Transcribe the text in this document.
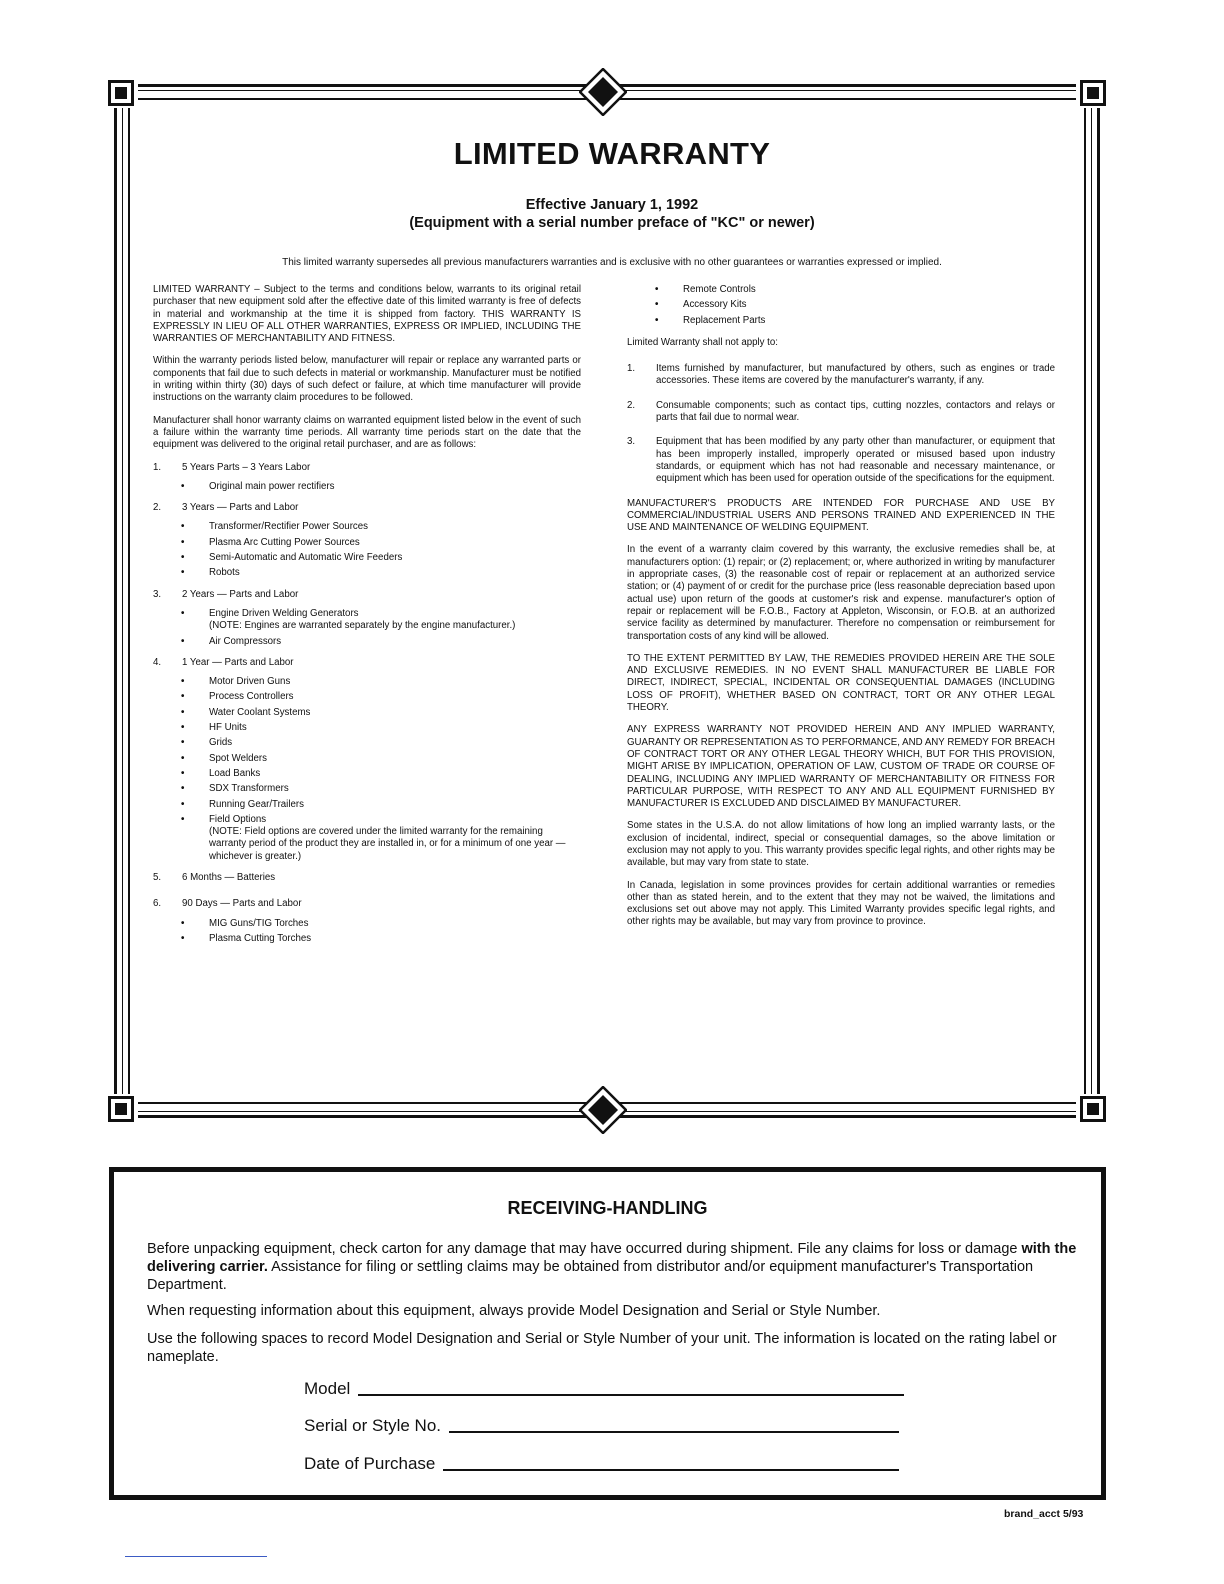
LIMITED WARRANTY

Effective January 1, 1992

(Equipment with a serial number preface of "KC" or newer)

This limited warranty supersedes all previous manufacturers warranties and is exclusive with no other guarantees or warranties expressed or implied.

LIMITED WARRANTY – Subject to the terms and conditions below, warrants to its original retail purchaser that new equipment sold after the effective date of this limited warranty is free of defects in material and workmanship at the time it is shipped from factory. THIS WARRANTY IS EXPRESSLY IN LIEU OF ALL OTHER WARRANTIES, EXPRESS OR IMPLIED, INCLUDING THE WARRANTIES OF MERCHANTABILITY AND FITNESS.

Within the warranty periods listed below, manufacturer will repair or replace any warranted parts or components that fail due to such defects in material or workmanship. Manufacturer must be notified in writing within thirty (30) days of such defect or failure, at which time manufacturer will provide instructions on the warranty claim procedures to be followed.

Manufacturer shall honor warranty claims on warranted equipment listed below in the event of such a failure within the warranty time periods. All warranty time periods start on the date that the equipment was delivered to the original retail purchaser, and are as follows:

1.	5 Years Parts – 3 Years Labor
•	Original main power rectifiers
2.	3 Years — Parts and Labor
•	Transformer/Rectifier Power Sources
•	Plasma Arc Cutting Power Sources
•	Semi-Automatic and Automatic Wire Feeders
•	Robots
3.	2 Years — Parts and Labor
•	Engine Driven Welding Generators
(NOTE: Engines are warranted separately by the engine manufacturer.)
•	Air Compressors
4.	1 Year — Parts and Labor
•	Motor Driven Guns
•	Process Controllers
•	Water Coolant Systems
•	HF Units
•	Grids
•	Spot Welders
•	Load Banks
•	SDX Transformers
•	Running Gear/Trailers
•	Field Options
(NOTE: Field options are covered under the limited warranty for the remaining warranty period of the product they are installed in, or for a minimum of one year — whichever is greater.)
5.	6 Months — Batteries
6.	90 Days — Parts and Labor
•	MIG Guns/TIG Torches
•	Plasma Cutting Torches
•	Remote Controls
•	Accessory Kits
•	Replacement Parts

Limited Warranty shall not apply to:

1.	Items furnished by manufacturer, but manufactured by others, such as engines or trade accessories. These items are covered by the manufacturer's warranty, if any.
2.	Consumable components; such as contact tips, cutting nozzles, contactors and relays or parts that fail due to normal wear.
3.	Equipment that has been modified by any party other than manufacturer, or equipment that has been improperly installed, improperly operated or misused based upon industry standards, or equipment which has not had reasonable and necessary maintenance, or equipment which has been used for operation outside of the specifications for the equipment.

MANUFACTURER'S PRODUCTS ARE INTENDED FOR PURCHASE AND USE BY COMMERCIAL/INDUSTRIAL USERS AND PERSONS TRAINED AND EXPERIENCED IN THE USE AND MAINTENANCE OF WELDING EQUIPMENT.

In the event of a warranty claim covered by this warranty, the exclusive remedies shall be, at manufacturers option: (1) repair; or (2) replacement; or, where authorized in writing by manufacturer in appropriate cases, (3) the reasonable cost of repair or replacement at an authorized service station; or (4) payment of or credit for the purchase price (less reasonable depreciation based upon actual use) upon return of the goods at customer's risk and expense. manufacturer's option of repair or replacement will be F.O.B., Factory at Appleton, Wisconsin, or F.O.B. at an authorized service facility as determined by manufacturer. Therefore no compensation or reimbursement for transportation costs of any kind will be allowed.

TO THE EXTENT PERMITTED BY LAW, THE REMEDIES PROVIDED HEREIN ARE THE SOLE AND EXCLUSIVE REMEDIES. IN NO EVENT SHALL MANUFACTURER BE LIABLE FOR DIRECT, INDIRECT, SPECIAL, INCIDENTAL OR CONSEQUENTIAL DAMAGES (INCLUDING LOSS OF PROFIT), WHETHER BASED ON CONTRACT, TORT OR ANY OTHER LEGAL THEORY.

ANY EXPRESS WARRANTY NOT PROVIDED HEREIN AND ANY IMPLIED WARRANTY, GUARANTY OR REPRESENTATION AS TO PERFORMANCE, AND ANY REMEDY FOR BREACH OF CONTRACT TORT OR ANY OTHER LEGAL THEORY WHICH, BUT FOR THIS PROVISION, MIGHT ARISE BY IMPLICATION, OPERATION OF LAW, CUSTOM OF TRADE OR COURSE OF DEALING, INCLUDING ANY IMPLIED WARRANTY OF MERCHANTABILITY OR FITNESS FOR PARTICULAR PURPOSE, WITH RESPECT TO ANY AND ALL EQUIPMENT FURNISHED BY MANUFACTURER IS EXCLUDED AND DISCLAIMED BY MANUFACTURER.

Some states in the U.S.A. do not allow limitations of how long an implied warranty lasts, or the exclusion of incidental, indirect, special or consequential damages, so the above limitation or exclusion may not apply to you. This warranty provides specific legal rights, and other rights may be available, but may vary from state to state.

In Canada, legislation in some provinces provides for certain additional warranties or remedies other than as stated herein, and to the extent that they may not be waived, the limitations and exclusions set out above may not apply. This Limited Warranty provides specific legal rights, and other rights may be available, but may vary from province to province.

RECEIVING-HANDLING

Before unpacking equipment, check carton for any damage that may have occurred during shipment. File any claims for loss or damage with the delivering carrier. Assistance for filing or settling claims may be obtained from distributor and/or equipment manufacturer's Transportation Department.

When requesting information about this equipment, always provide Model Designation and Serial or Style Number.

Use the following spaces to record Model Designation and Serial or Style Number of your unit. The information is located on the rating label or nameplate.

Model
Serial or Style No.
Date of Purchase

brand_acct 5/93
